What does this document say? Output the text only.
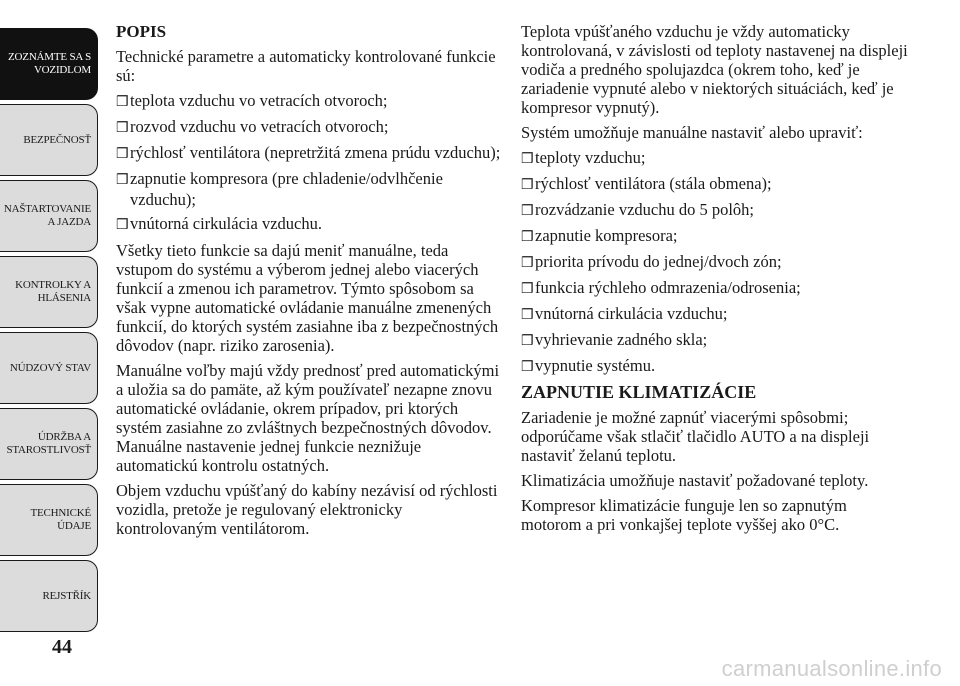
ZOZNÁMTE SA S
VOZIDLOM
BEZPEČNOSŤ
NAŠTARTOVANIE
A JAZDA
KONTROLKY A
HLÁSENIA
NÚDZOVÝ STAV
ÚDRŽBA A
STAROSTLIVOSŤ
TECHNICKÉ
ÚDAJE
REJSTŘÍK
44
POPIS

Technické parametre a automaticky kontrolované funkcie sú:

❒teplota vzduchu vo vetracích otvoroch;
❒rozvod vzduchu vo vetracích otvoroch;
❒rýchlosť ventilátora (nepretržitá zmena prúdu vzduchu);
❒zapnutie kompresora (pre chladenie/odvlhčenie vzduchu);
❒vnútorná cirkulácia vzduchu.

Všetky tieto funkcie sa dajú meniť manuálne, teda vstupom do systému a výberom jednej alebo viacerých funkcií a zmenou ich parametrov. Týmto spôsobom sa však vypne automatické ovládanie manuálne zmenených funkcií, do ktorých systém zasiahne iba z bezpečnostných dôvodov (napr. riziko zarosenia).

Manuálne voľby majú vždy prednosť pred automatickými a uložia sa do pamäte, až kým používateľ nezapne znovu automatické ovládanie, okrem prípadov, pri ktorých systém zasiahne zo zvláštnych bezpečnostných dôvodov. Manuálne nastavenie jednej funkcie neznižuje automatickú kontrolu ostatných.

Objem vzduchu vpúšťaný do kabíny nezávisí od rýchlosti vozidla, pretože je regulovaný elektronicky kontrolovaným ventilátorom.

Teplota vpúšťaného vzduchu je vždy automaticky kontrolovaná, v závislosti od teploty nastavenej na displeji vodiča a predného spolujazdca (okrem toho, keď je zariadenie vypnuté alebo v niektorých situáciách, keď je kompresor vypnutý).

Systém umožňuje manuálne nastaviť alebo upraviť:

❒teploty vzduchu;
❒rýchlosť ventilátora (stála obmena);
❒rozvádzanie vzduchu do 5 polôh;
❒zapnutie kompresora;
❒priorita prívodu do jednej/dvoch zón;
❒funkcia rýchleho odmrazenia/odrosenia;
❒vnútorná cirkulácia vzduchu;
❒vyhrievanie zadného skla;
❒vypnutie systému.
ZAPNUTIE KLIMATIZÁCIE

Zariadenie je možné zapnúť viacerými spôsobmi; odporúčame však stlačiť tlačidlo AUTO a na displeji nastaviť želanú teplotu.

Klimatizácia umožňuje nastaviť požadované teploty.

Kompresor klimatizácie funguje len so zapnutým motorom a pri vonkajšej teplote vyššej ako 0°C.

carmanualsonline.info
